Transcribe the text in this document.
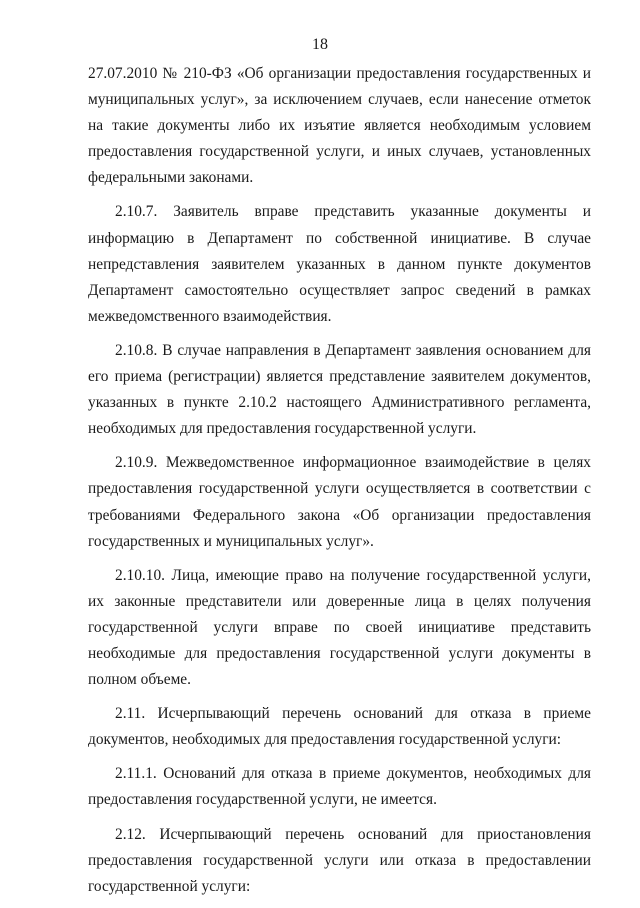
18

27.07.2010 № 210-ФЗ «Об организации предоставления государственных и муниципальных услуг», за исключением случаев, если нанесение отметок на такие документы либо их изъятие является необходимым условием предоставления государственной услуги, и иных случаев, установленных федеральными законами.

2.10.7. Заявитель вправе представить указанные документы и информацию в Департамент по собственной инициативе. В случае непредставления заявителем указанных в данном пункте документов Департамент самостоятельно осуществляет запрос сведений в рамках межведомственного взаимодействия.

2.10.8. В случае направления в Департамент заявления основанием для его приема (регистрации) является представление заявителем документов, указанных в пункте 2.10.2 настоящего Административного регламента, необходимых для предоставления государственной услуги.

2.10.9. Межведомственное информационное взаимодействие в целях предоставления государственной услуги осуществляется в соответствии с требованиями Федерального закона «Об организации предоставления государственных и муниципальных услуг».

2.10.10. Лица, имеющие право на получение государственной услуги, их законные представители или доверенные лица в целях получения государственной услуги вправе по своей инициативе представить необходимые для предоставления государственной услуги документы в полном объеме.

2.11. Исчерпывающий перечень оснований для отказа в приеме документов, необходимых для предоставления государственной услуги:

2.11.1. Оснований для отказа в приеме документов, необходимых для предоставления государственной услуги, не имеется.

2.12. Исчерпывающий перечень оснований для приостановления предоставления государственной услуги или отказа в предоставлении государственной услуги:
